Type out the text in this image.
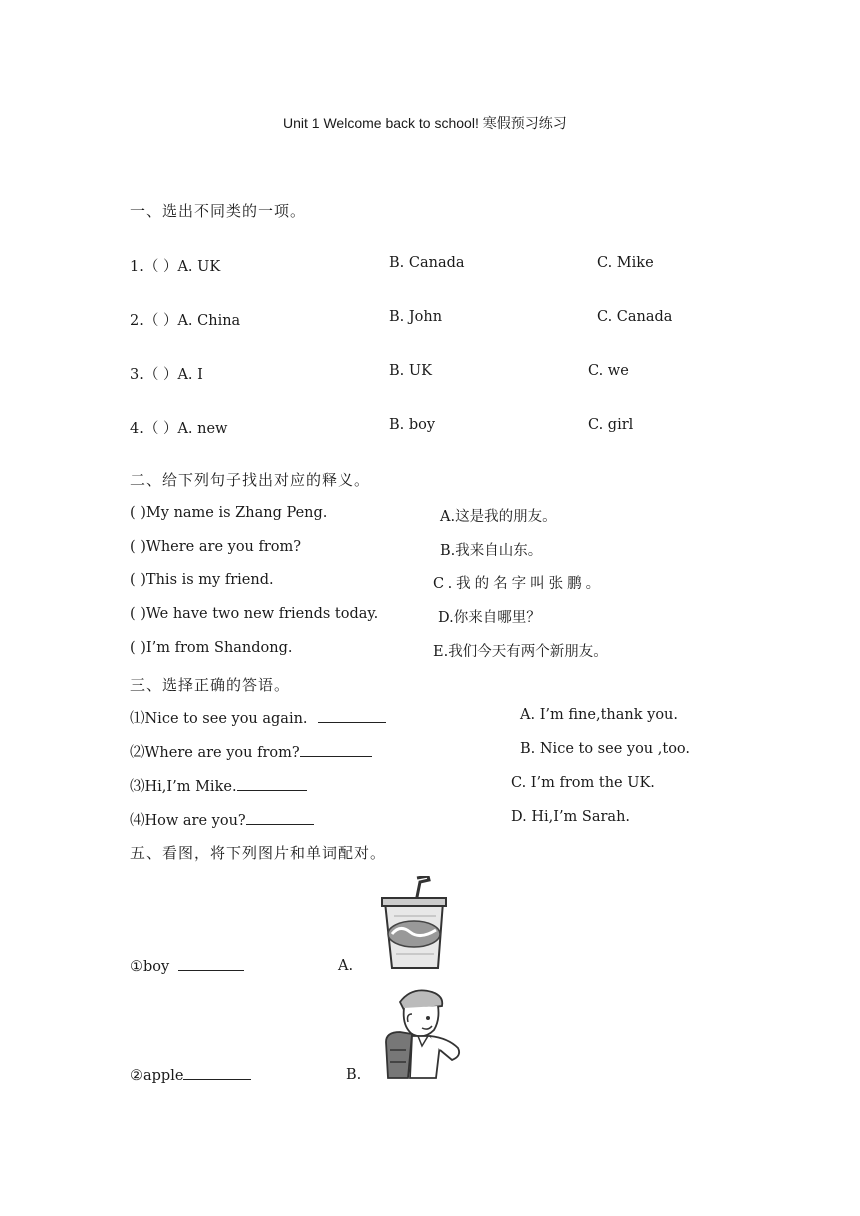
Unit 1 Welcome back to school! 寒假预习练习
一、选出不同类的一项。
1.（ ）A. UK	B. Canada	C. Mike
2.（ ）A. China	B. John	C. Canada
3.（ ）A. I	B. UK	C. we
4.（ ）A. new	B. boy	C. girl
二、给下列句子找出对应的释义。
( )My name is Zhang Peng.	A.这是我的朋友。
( )Where are you from?	B.我来自山东。
( )This is my friend.	C.我的名字叫张鹏。
( )We have two new friends today.	D.你来自哪里？
( )I’m from Shandong.	E.我们今天有两个新朋友。
三、选择正确的答语。
⑴Nice to see you again.	A. I’m fine,thank you.
⑵Where are you from?	B. Nice to see you ,too.
⑶Hi,I’m Mike.	C. I’m from the UK.
⑷How are you?	D. Hi,I’m Sarah.
五、看图，将下列图片和单词配对。
①boy	A.
②apple	B.
